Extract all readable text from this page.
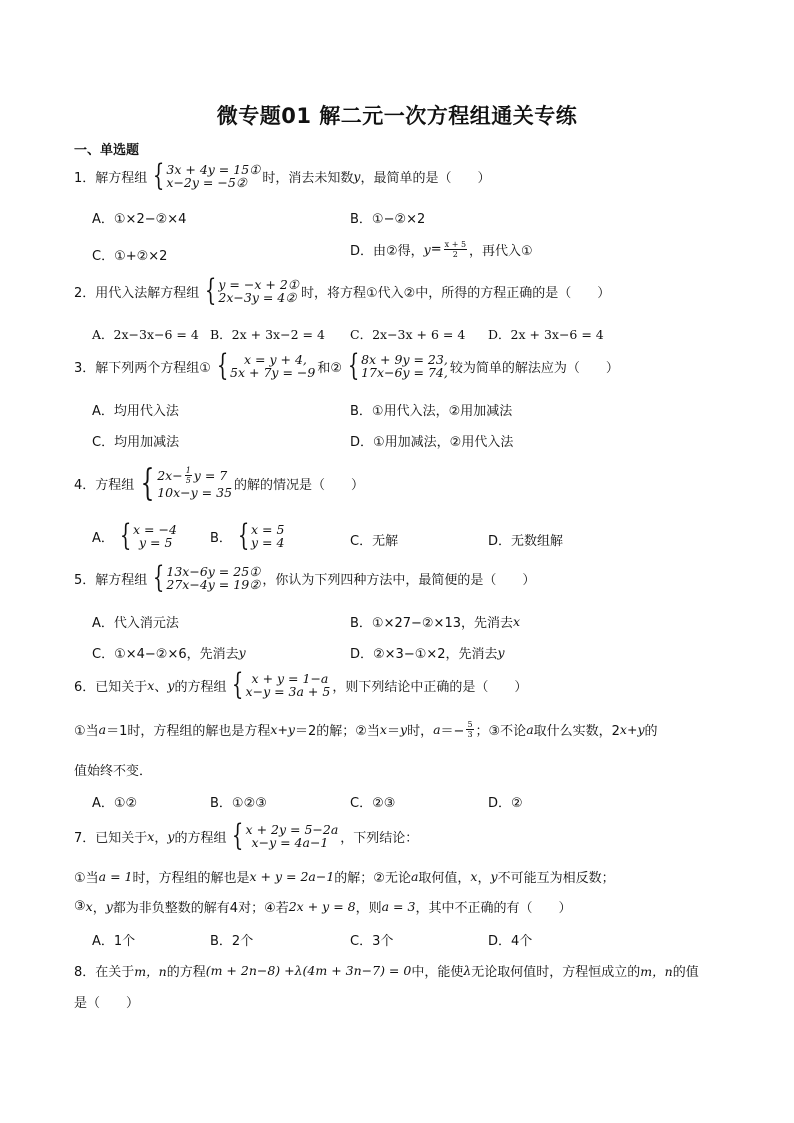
微专题01 解二元一次方程组通关专练
一、单选题
1． 解方程组 { 3x + 4y = 15①
x−2y = −5②	时，消去未知数 y ，最简单的是（　　）
A．①×2−②×4	B．①−②×2
C．①+②×2	D．由②得， $y = \frac{x + 5}{2}$ ，再代入①
2． 用代入法解方程组 { y = −x + 2①
2x−3y = 4② 时，将方程①代入②中，所得的方程正确的是（　　）
A．2x−3x−6 = 4 B．2x + 3x−2 = 4 C．2x−3x + 6 = 4 D．2x + 3x−6 = 4
3． 解下列两个方程组① {	x = y + 4,
5x + 7y = −9 和② { 8x + 9y = 23,
17x−6y = 74, 较为简单的解法应为（　　）
A．均用代入法	B．①用代入法，②用加减法
C．均用加减法	D．①用加减法，②用代入法
4． 方程组 { $2x- \frac{1}{5}$ y = 7
10x−y = 35 的解的情况是（　　）
A． { x = −4
y = 5	B． { x = 5
y = 4	C．无解	D．无数组解
5． 解方程组 { 13x−6y = 25①
27x−4y = 19② ，你认为下列四种方法中，最简便的是（　　）
A．代入消元法	B．①×27−②×13，先消去 x
C．①×4−②×6，先消去 y	D．②×3−①×2，先消去 y
6． 已知关于 x 、 y 的方程组 { x + y = 1−a
x−y = 3a + 5 ，则下列结论中正确的是（　　）
①当 a ＝1时，方程组的解也是方程 x+y ＝2的解；②当 x ＝ y 时， $a =- \frac{5}{3}$ ；③不论 a 取什么实数，2 x+y 的
值始终不变．
A．①②	B．①②③	C．②③	D．②
7． 已知关于 x ， y 的方程组 { x + 2y = 5−2a
x−y = 4a−1 ，下列结论：
①当 a = 1 时，方程组的解也是 x + y = 2a−1 的解；②无论 a 取何值， x ， y 不可能互为相反数；
③ x ， y 都为非负整数的解有4对；④若 2x + y = 8 ，则 a = 3 ，其中不正确的有（　　）
A．1个	B．2个	C．3个	D．4个
8． 在关于 m，n 的方程 (m + 2n−8) +λ(4m + 3n−7) = 0 中，能使 λ 无论取何值时，方程恒成立的 m，n 的值
是（　　）
